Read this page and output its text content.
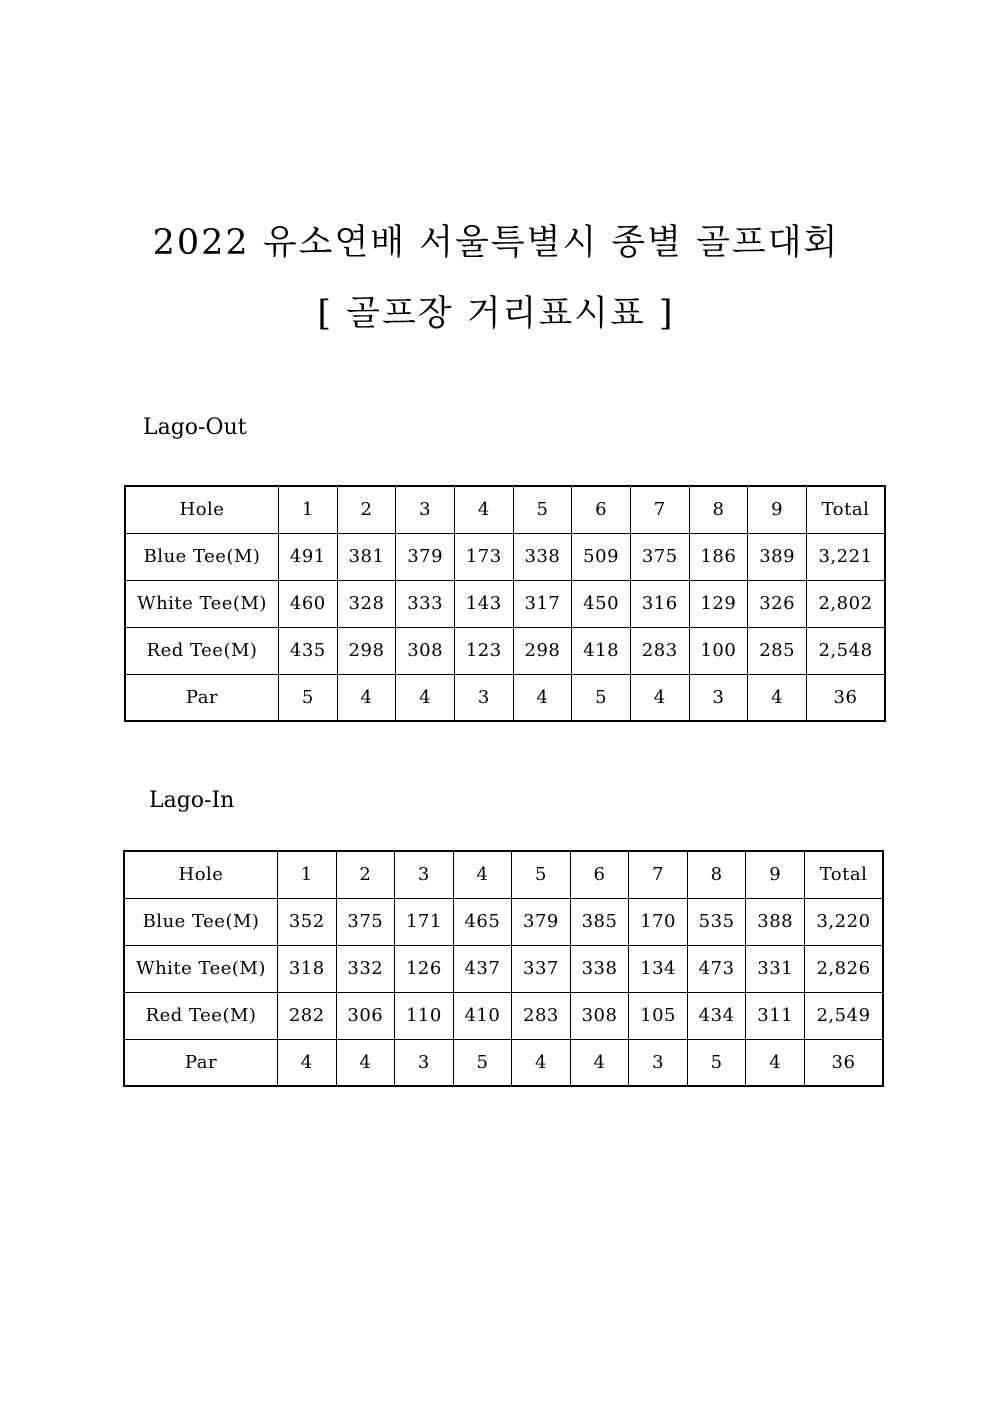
2022 유소연배 서울특별시 종별 골프대회
[ 골프장 거리표시표 ]
Lago-Out
Hole	1	2	3	4	5	6	7	8	9	Total
Blue Tee(M)	491	381	379	173	338	509	375	186	389	3,221
White Tee(M)	460	328	333	143	317	450	316	129	326	2,802
Red Tee(M)	435	298	308	123	298	418	283	100	285	2,548
Par	5	4	4	3	4	5	4	3	4	36
Lago-In
Hole	1	2	3	4	5	6	7	8	9	Total
Blue Tee(M)	352	375	171	465	379	385	170	535	388	3,220
White Tee(M)	318	332	126	437	337	338	134	473	331	2,826
Red Tee(M)	282	306	110	410	283	308	105	434	311	2,549
Par	4	4	3	5	4	4	3	5	4	36
